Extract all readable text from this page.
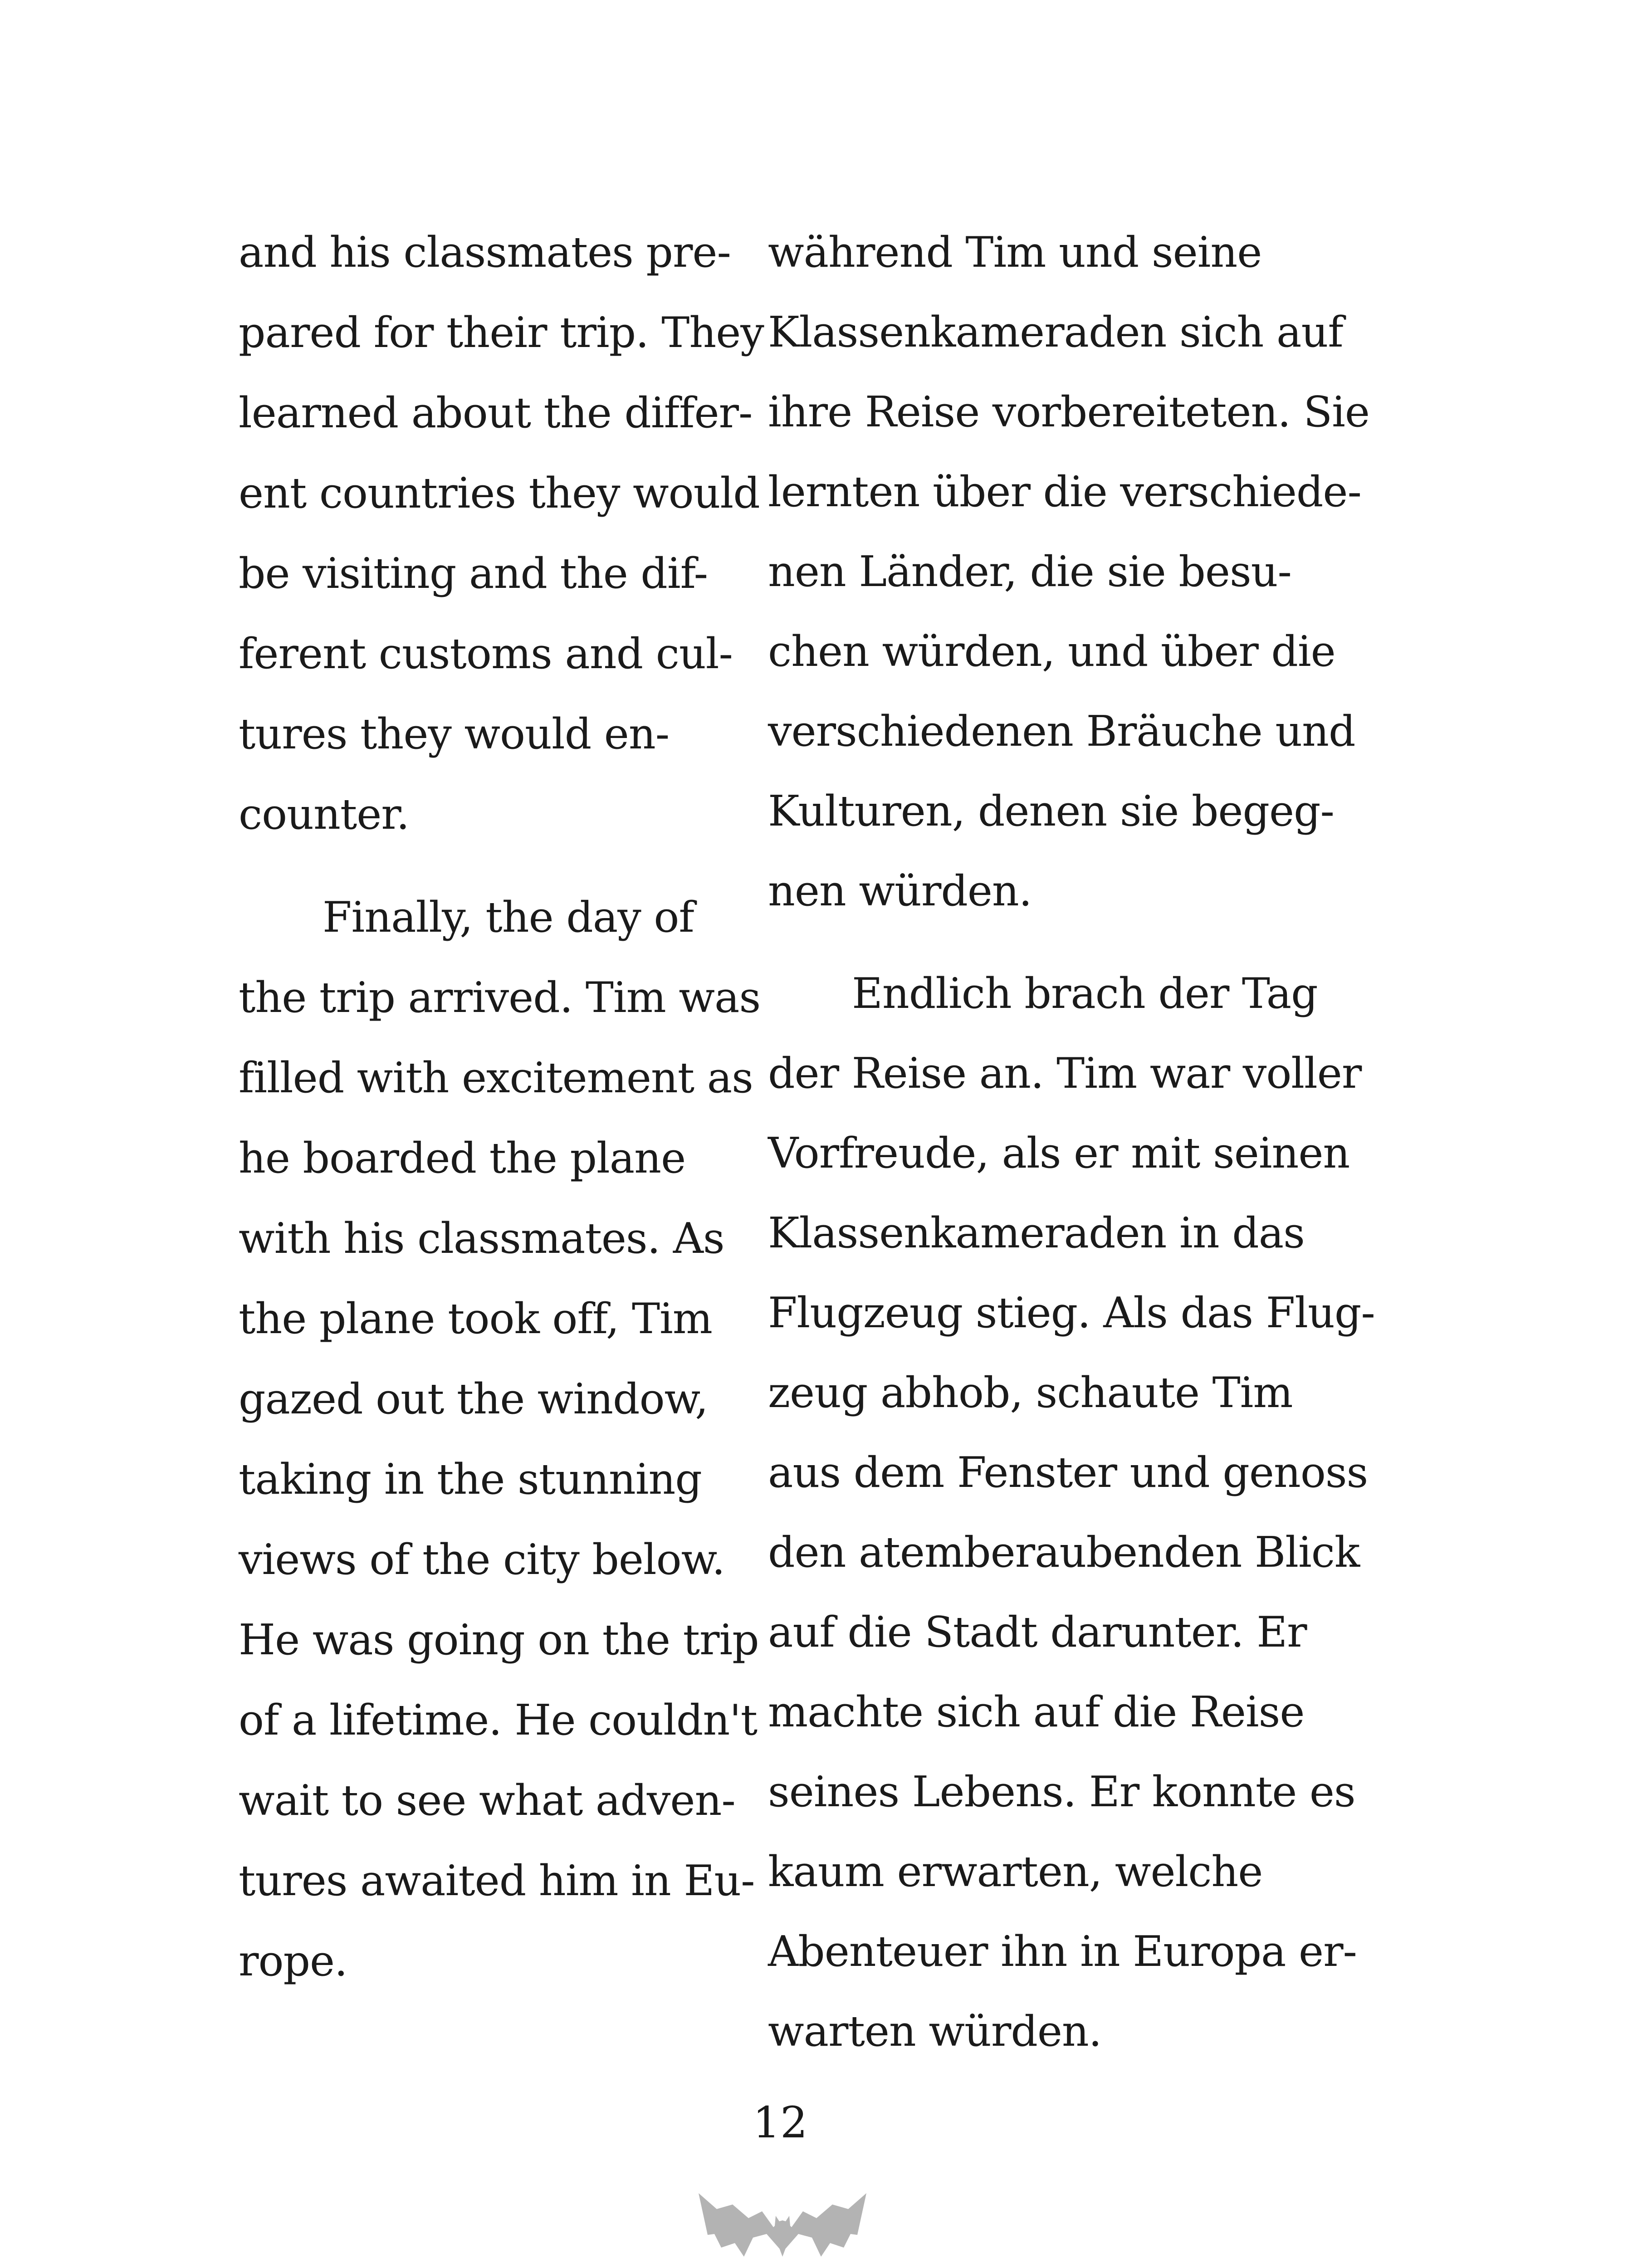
and his classmates pre-
pared for their trip. They
learned about the differ-
ent countries they would
be visiting and the dif-
ferent customs and cul-
tures they would en-
counter.
Finally, the day of
the trip arrived. Tim was
filled with excitement as
he boarded the plane
with his classmates. As
the plane took off, Tim
gazed out the window,
taking in the stunning
views of the city below.
He was going on the trip
of a lifetime. He couldn't
wait to see what adven-
tures awaited him in Eu-
rope.
während Tim und seine
Klassenkameraden sich auf
ihre Reise vorbereiteten. Sie
lernten über die verschiede-
nen Länder, die sie besu-
chen würden, und über die
verschiedenen Bräuche und
Kulturen, denen sie begeg-
nen würden.
Endlich brach der Tag
der Reise an. Tim war voller
Vorfreude, als er mit seinen
Klassenkameraden in das
Flugzeug stieg. Als das Flug-
zeug abhob, schaute Tim
aus dem Fenster und genoss
den atemberaubenden Blick
auf die Stadt darunter. Er
machte sich auf die Reise
seines Lebens. Er konnte es
kaum erwarten, welche
Abenteuer ihn in Europa er-
warten würden.
12
